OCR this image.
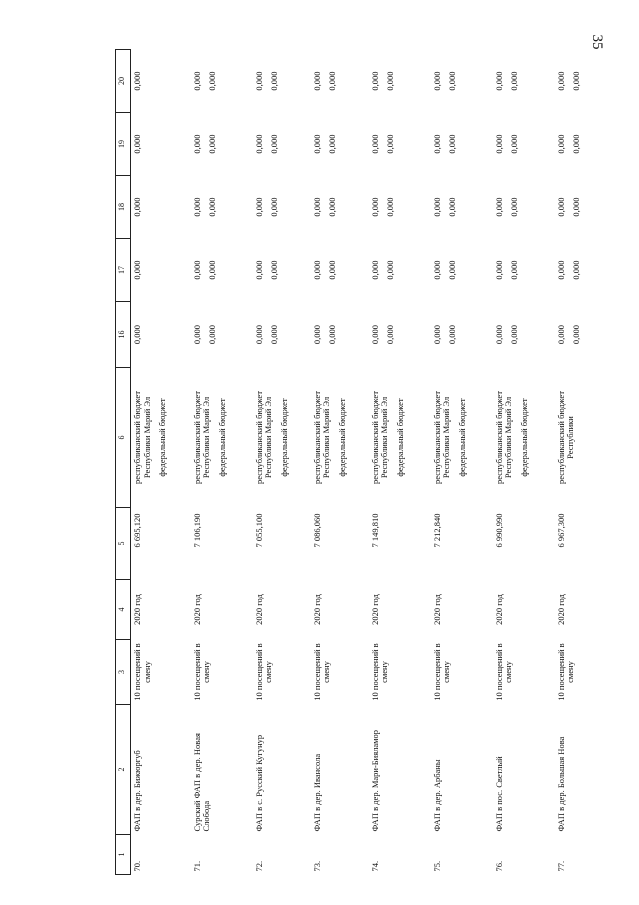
35
1	2	3	4	5	6	16	17	18	19	20
70.	ФАП в дер. Бижюргуб	10 посещений в смену	2020 год	6 695,120	республиканский бюджет Республики Марий Эл федеральный бюджет	0,000	0,000	0,000	0,000	0,000

71.	Сурский ФАП в дер. Новая Слобода	10 посещений в смену	2020 год	7 106,190	республиканский бюджет Республики Марий Эл федеральный бюджет	0,000 0,000	0,000 0,000	0,000 0,000	0,000 0,000	0,000 0,000

72.	ФАП в с. Русский Кугунур	10 посещений в смену	2020 год	7 055,100	республиканский бюджет Республики Марий Эл федеральный бюджет	0,000 0,000	0,000 0,000	0,000 0,000	0,000 0,000	0,000 0,000

73.	ФАП в дер. Ивансола	10 посещений в смену	2020 год	7 086,060	республиканский бюджет Республики Марий Эл федеральный бюджет	0,000 0,000	0,000 0,000	0,000 0,000	0,000 0,000	0,000 0,000

74.	ФАП в дер. Мари-Бияламор	10 посещений в смену	2020 год	7 149,810	республиканский бюджет Республики Марий Эл федеральный бюджет	0,000 0,000	0,000 0,000	0,000 0,000	0,000 0,000	0,000 0,000

75.	ФАП в дер. Арбаны	10 посещений в смену	2020 год	7 212,840	республиканский бюджет Республики Марий Эл федеральный бюджет	0,000 0,000	0,000 0,000	0,000 0,000	0,000 0,000	0,000 0,000

76.	ФАП в пос. Светлый	10 посещений в смену	2020 год	6 990,990	республиканский бюджет Республики Марий Эл федеральный бюджет	0,000 0,000	0,000 0,000	0,000 0,000	0,000 0,000	0,000 0,000

77.	ФАП в дер. Большая Нова	10 посещений в смену	2020 год	6 967,300	республиканский бюджет Республики	0,000 0,000	0,000 0,000	0,000 0,000	0,000 0,000	0,000 0,000
